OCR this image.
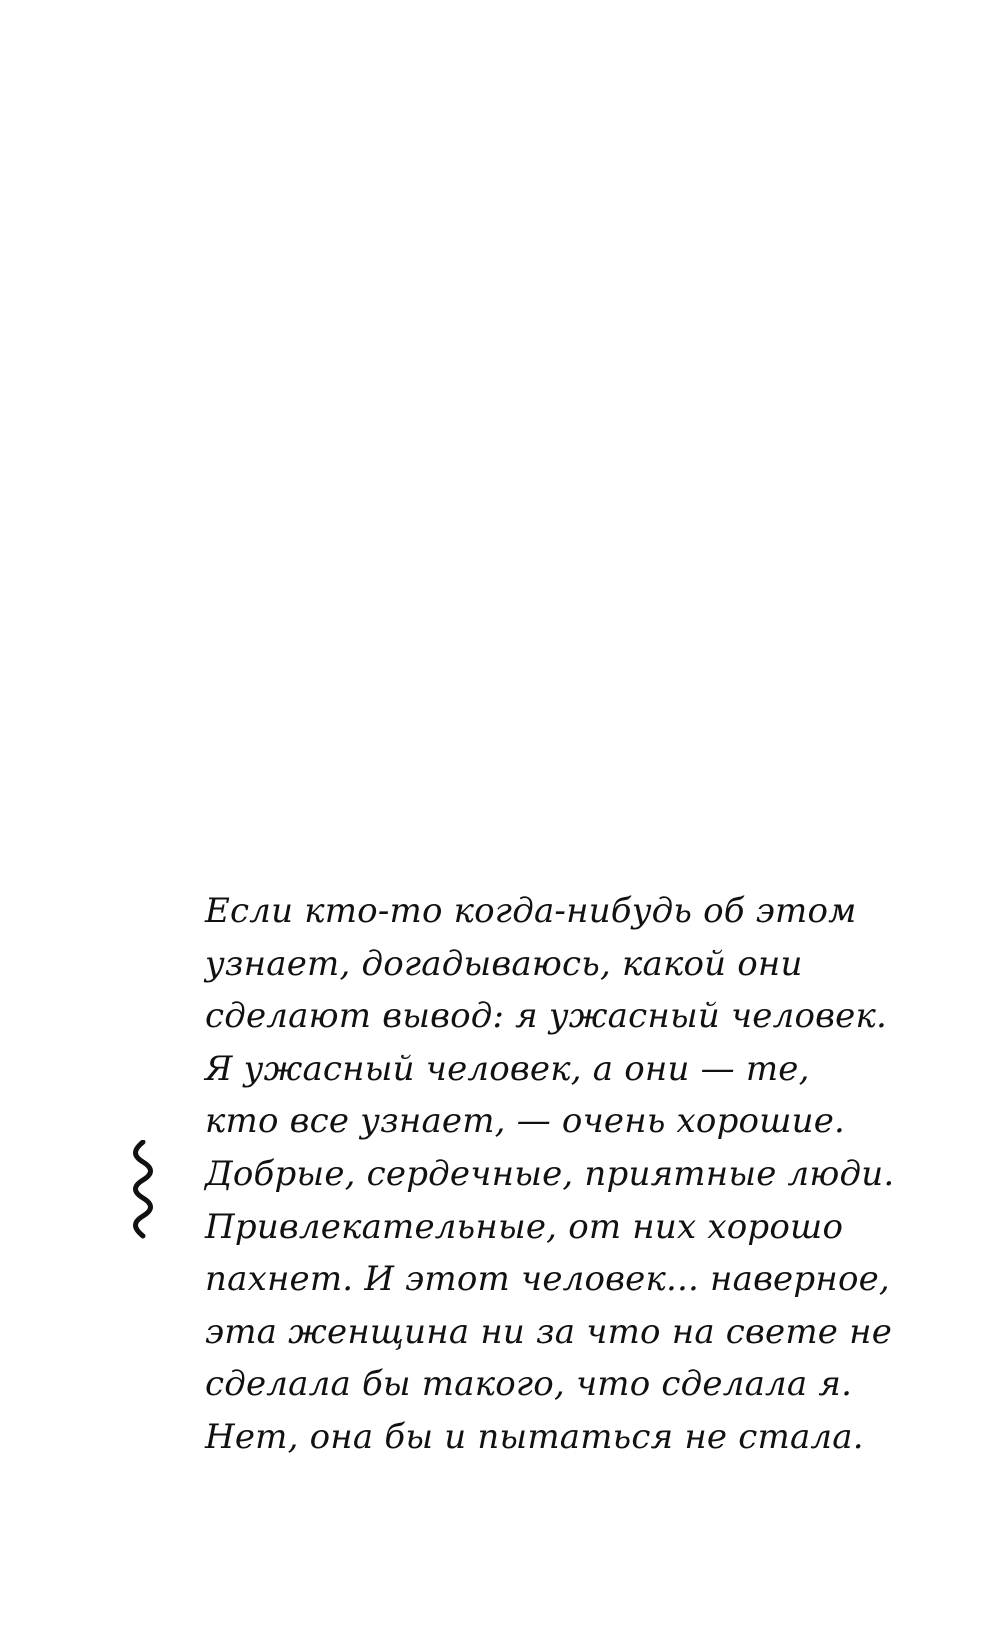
Если кто-то когда-нибудь об этом
узнает, догадываюсь, какой они
сделают вывод: я ужасный человек.
Я ужасный человек, а они — те,
кто все узнает, — очень хорошие.
Добрые, сердечные, приятные люди.
Привлекательные, от них хорошо
пахнет. И этот человек... наверное,
эта женщина ни за что на свете не
сделала бы такого, что сделала я.
Нет, она бы и пытаться не стала.
